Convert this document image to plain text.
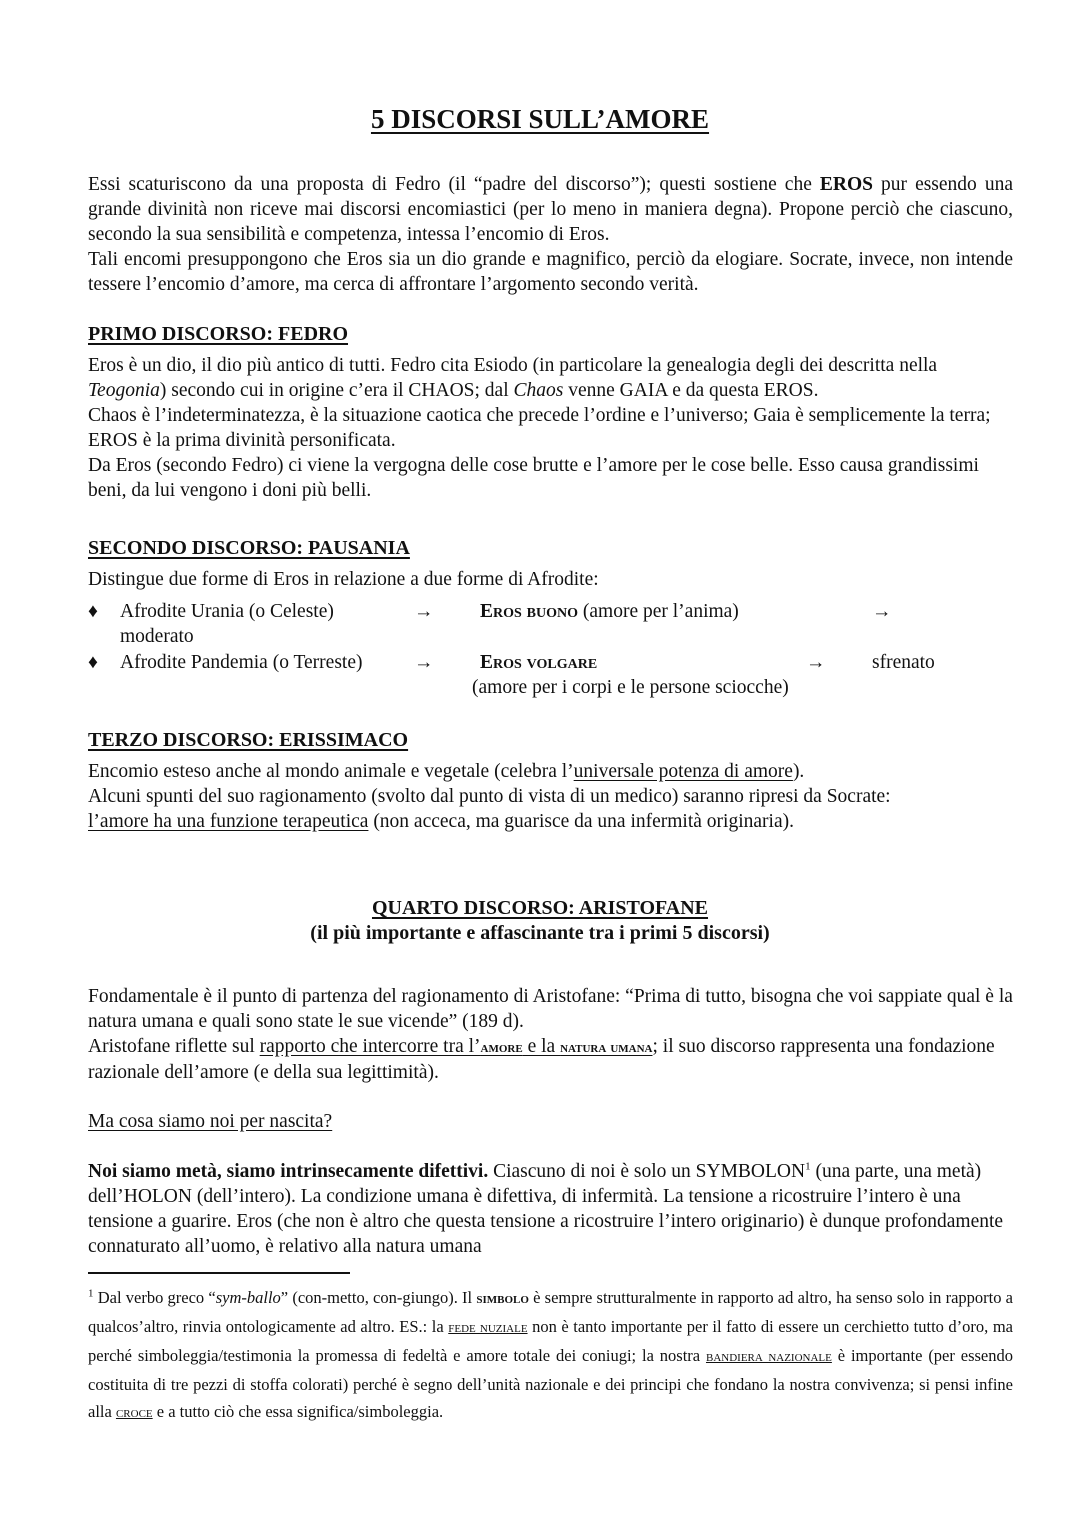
5 DISCORSI SULL’AMORE

Essi scaturiscono da una proposta di Fedro (il “padre del discorso”); questi sostiene che EROS pur essendo una grande divinità non riceve mai discorsi encomiastici (per lo meno in maniera degna). Propone perciò che ciascuno, secondo la sua sensibilità e competenza, intessa l’encomio di Eros.

Tali encomi presuppongono che Eros sia un dio grande e magnifico, perciò da elogiare. Socrate, invece, non intende tessere l’encomio d’amore, ma cerca di affrontare l’argomento secondo verità.

PRIMO DISCORSO: FEDRO

Eros è un dio, il dio più antico di tutti. Fedro cita Esiodo (in particolare la genealogia degli dei descritta nella Teogonia) secondo cui in origine c’era il CHAOS; dal Chaos venne GAIA e da questa EROS.

Chaos è l’indeterminatezza, è la situazione caotica che precede l’ordine e l’universo; Gaia è semplicemente la terra; EROS è la prima divinità personificata.

Da Eros (secondo Fedro) ci viene la vergogna delle cose brutte e l’amore per le cose belle. Esso causa grandissimi beni, da lui vengono i doni più belli.

SECONDO DISCORSO: PAUSANIA

Distingue due forme di Eros in relazione a due forme di Afrodite:

♦ Afrodite Urania (o Celeste)	→ Eros buono (amore per l’anima)	→
moderato
♦ Afrodite Pandemia (o Terreste)	→ Eros volgare	→ sfrenato
(amore per i corpi e le persone sciocche)

TERZO DISCORSO: ERISSIMACO

Encomio esteso anche al mondo animale e vegetale (celebra l’universale potenza di amore).

Alcuni spunti del suo ragionamento (svolto dal punto di vista di un medico) saranno ripresi da Socrate:

l’amore ha una funzione terapeutica (non acceca, ma guarisce da una infermità originaria).

QUARTO DISCORSO: ARISTOFANE
(il più importante e affascinante tra i primi 5 discorsi)

Fondamentale è il punto di partenza del ragionamento di Aristofane: “Prima di tutto, bisogna che voi sappiate qual è la natura umana e quali sono state le sue vicende” (189 d).

Aristofane riflette sul rapporto che intercorre tra l’amore e la natura umana; il suo discorso rappresenta una fondazione razionale dell’amore (e della sua legittimità).

Ma cosa siamo noi per nascita?

Noi siamo metà, siamo intrinsecamente difettivi. Ciascuno di noi è solo un SYMBOLON$^1$ (una parte, una metà) dell’HOLON (dell’intero). La condizione umana è difettiva, di infermità. La tensione a ricostruire l’intero è una tensione a guarire. Eros (che non è altro che questa tensione a ricostruire l’intero originario) è dunque profondamente connaturato all’uomo, è relativo alla natura umana

$^1$ Dal verbo greco “sym-ballo” (con-metto, con-giungo). Il simbolo è sempre strutturalmente in rapporto ad altro, ha senso solo in rapporto a qualcos’altro, rinvia ontologicamente ad altro. ES.: la fede nuziale non è tanto importante per il fatto di essere un cerchietto tutto d’oro, ma perché simboleggia/testimonia la promessa di fedeltà e amore totale dei coniugi; la nostra bandiera nazionale è importante (per essendo costituita di tre pezzi di stoffa colorati) perché è segno dell’unità nazionale e dei principi che fondano la nostra convivenza; si pensi infine alla croce e a tutto ciò che essa significa/simboleggia.
